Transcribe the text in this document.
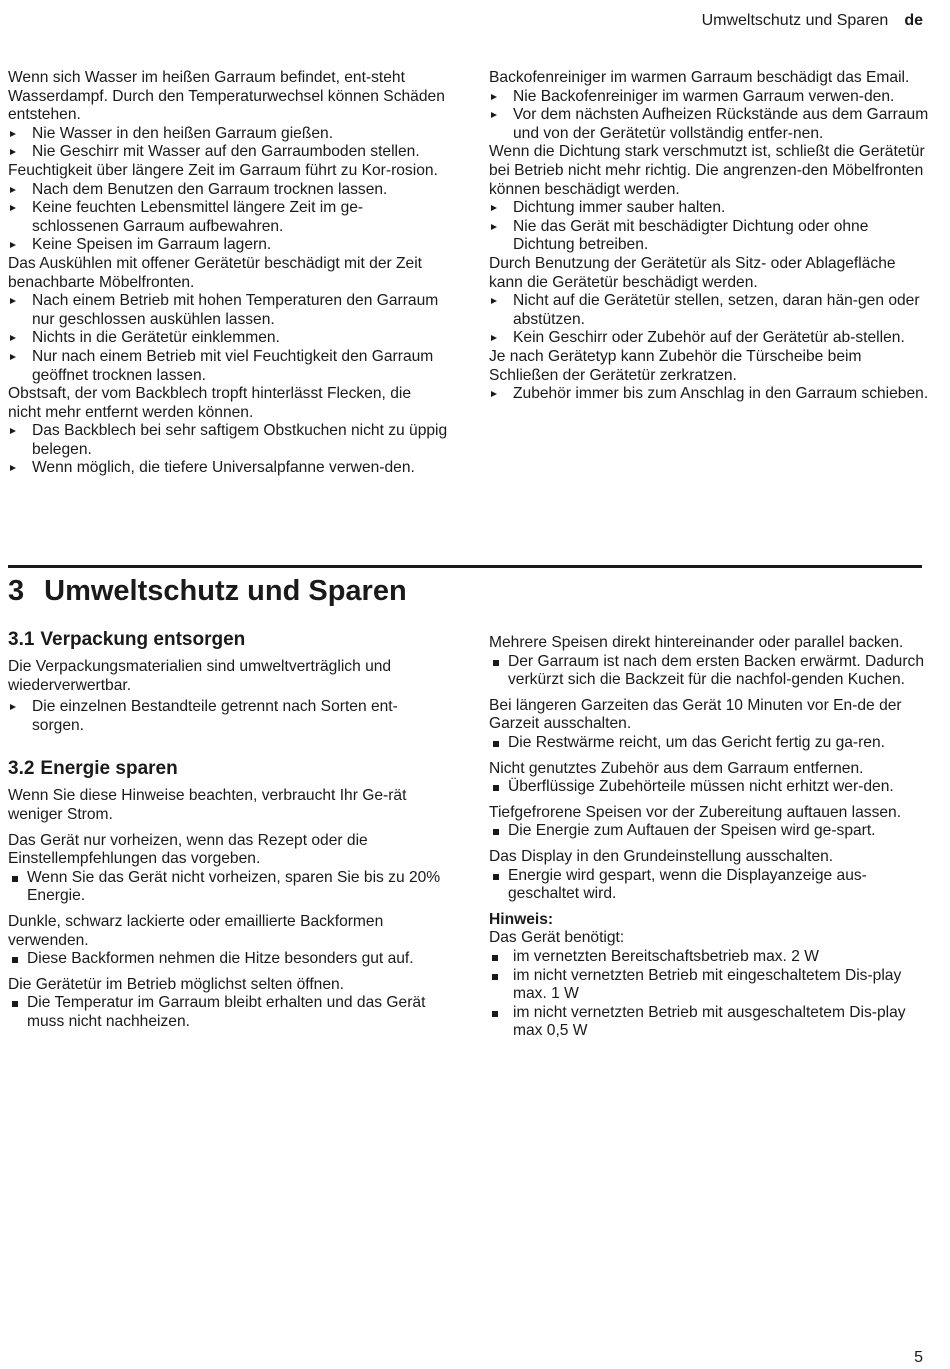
Umweltschutz und Sparen de

Wenn sich Wasser im heißen Garraum befindet, ent-steht Wasserdampf. Durch den Temperaturwechsel können Schäden entstehen.

Nie Wasser in den heißen Garraum gießen.
Nie Geschirr mit Wasser auf den Garraumboden stellen.

Feuchtigkeit über längere Zeit im Garraum führt zu Kor-rosion.

Nach dem Benutzen den Garraum trocknen lassen.
Keine feuchten Lebensmittel längere Zeit im ge-schlossenen Garraum aufbewahren.
Keine Speisen im Garraum lagern.

Das Auskühlen mit offener Gerätetür beschädigt mit der Zeit benachbarte Möbelfronten.

Nach einem Betrieb mit hohen Temperaturen den Garraum nur geschlossen auskühlen lassen.
Nichts in die Gerätetür einklemmen.
Nur nach einem Betrieb mit viel Feuchtigkeit den Garraum geöffnet trocknen lassen.

Obstsaft, der vom Backblech tropft hinterlässt Flecken, die nicht mehr entfernt werden können.

Das Backblech bei sehr saftigem Obstkuchen nicht zu üppig belegen.
Wenn möglich, die tiefere Universalpfanne verwen-den.

Backofenreiniger im warmen Garraum beschädigt das Email.

Nie Backofenreiniger im warmen Garraum verwen-den.
Vor dem nächsten Aufheizen Rückstände aus dem Garraum und von der Gerätetür vollständig entfer-nen.

Wenn die Dichtung stark verschmutzt ist, schließt die Gerätetür bei Betrieb nicht mehr richtig. Die angrenzen-den Möbelfronten können beschädigt werden.

Dichtung immer sauber halten.
Nie das Gerät mit beschädigter Dichtung oder ohne Dichtung betreiben.

Durch Benutzung der Gerätetür als Sitz- oder Ablagefläche kann die Gerätetür beschädigt werden.

Nicht auf die Gerätetür stellen, setzen, daran hän-gen oder abstützen.
Kein Geschirr oder Zubehör auf der Gerätetür ab-stellen.

Je nach Gerätetyp kann Zubehör die Türscheibe beim Schließen der Gerätetür zerkratzen.

Zubehör immer bis zum Anschlag in den Garraum schieben.
3 Umweltschutz und Sparen
3.1 Verpackung entsorgen

Die Verpackungsmaterialien sind umweltverträglich und wiederverwertbar.

Die einzelnen Bestandteile getrennt nach Sorten ent-sorgen.
3.2 Energie sparen

Wenn Sie diese Hinweise beachten, verbraucht Ihr Ge-rät weniger Strom.

Das Gerät nur vorheizen, wenn das Rezept oder die Einstellempfehlungen das vorgeben.

Wenn Sie das Gerät nicht vorheizen, sparen Sie bis zu 20% Energie.

Dunkle, schwarz lackierte oder emaillierte Backformen verwenden.

Diese Backformen nehmen die Hitze besonders gut auf.

Die Gerätetür im Betrieb möglichst selten öffnen.

Die Temperatur im Garraum bleibt erhalten und das Gerät muss nicht nachheizen.

Mehrere Speisen direkt hintereinander oder parallel backen.

Der Garraum ist nach dem ersten Backen erwärmt. Dadurch verkürzt sich die Backzeit für die nachfol-genden Kuchen.

Bei längeren Garzeiten das Gerät 10 Minuten vor En-de der Garzeit ausschalten.

Die Restwärme reicht, um das Gericht fertig zu ga-ren.

Nicht genutztes Zubehör aus dem Garraum entfernen.

Überflüssige Zubehörteile müssen nicht erhitzt wer-den.

Tiefgefrorene Speisen vor der Zubereitung auftauen lassen.

Die Energie zum Auftauen der Speisen wird ge-spart.

Das Display in den Grundeinstellung ausschalten.

Energie wird gespart, wenn die Displayanzeige aus-geschaltet wird.

Hinweis:

Das Gerät benötigt:

im vernetzten Bereitschaftsbetrieb max. 2 W
im nicht vernetzten Betrieb mit eingeschaltetem Dis-play max. 1 W
im nicht vernetzten Betrieb mit ausgeschaltetem Dis-play max 0,5 W
5
